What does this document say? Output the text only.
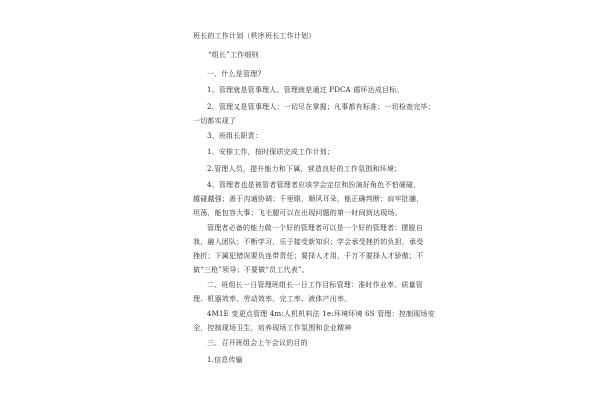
班长的工作计划（秩序班长工作计划）
“组长”工作细则
一、什么是管理?
1、管理就是管事理人，管理就是通过 PDCA 循环达成目标。
2、管理又是管事理人：一切尽在掌握；凡事都有标准；一切检查完毕；
一切都实现了
3、班组长职责：
1、安排工作，按时保质完成工作计划；
2.管理人员，提升能力和下属，营造良好的工作氛围和环境；
4、管理者也是被管者管理者应该学会定位和扮演好角色不怕硬碰，
越碰越强；善于沟通协调；千里眼，顺风耳朵，能正确判断；肩牢肚脯，
坦荡，能包容大事；飞毛腿可以在出现问题的第一时间到达现场。
管理者必备的能力做一个好的管理者可以是一个好的管理者：摆脱自
我，融入团队；不断学习，乐于接受新知识；学会承受挫折的负担，承受
挫折；下属犯错误要负连带责任；要择人才用，千万不要择人才骄傲；不
做“三枪”领导；不要做“员工代表”。
二、班组长一日管理班组长一日工作目标管理：准时作业率、质量管
理、机器效率、劳动效率、完工率、液体产出率。
4M1E 变更点管理 4m:人机机料法 1e:环境环境 6S 管理：控制现场安
全，控制现场卫生，培养现场工作氛围和企业精神
三、召开班组会上午会议的目的
1.信息传输
